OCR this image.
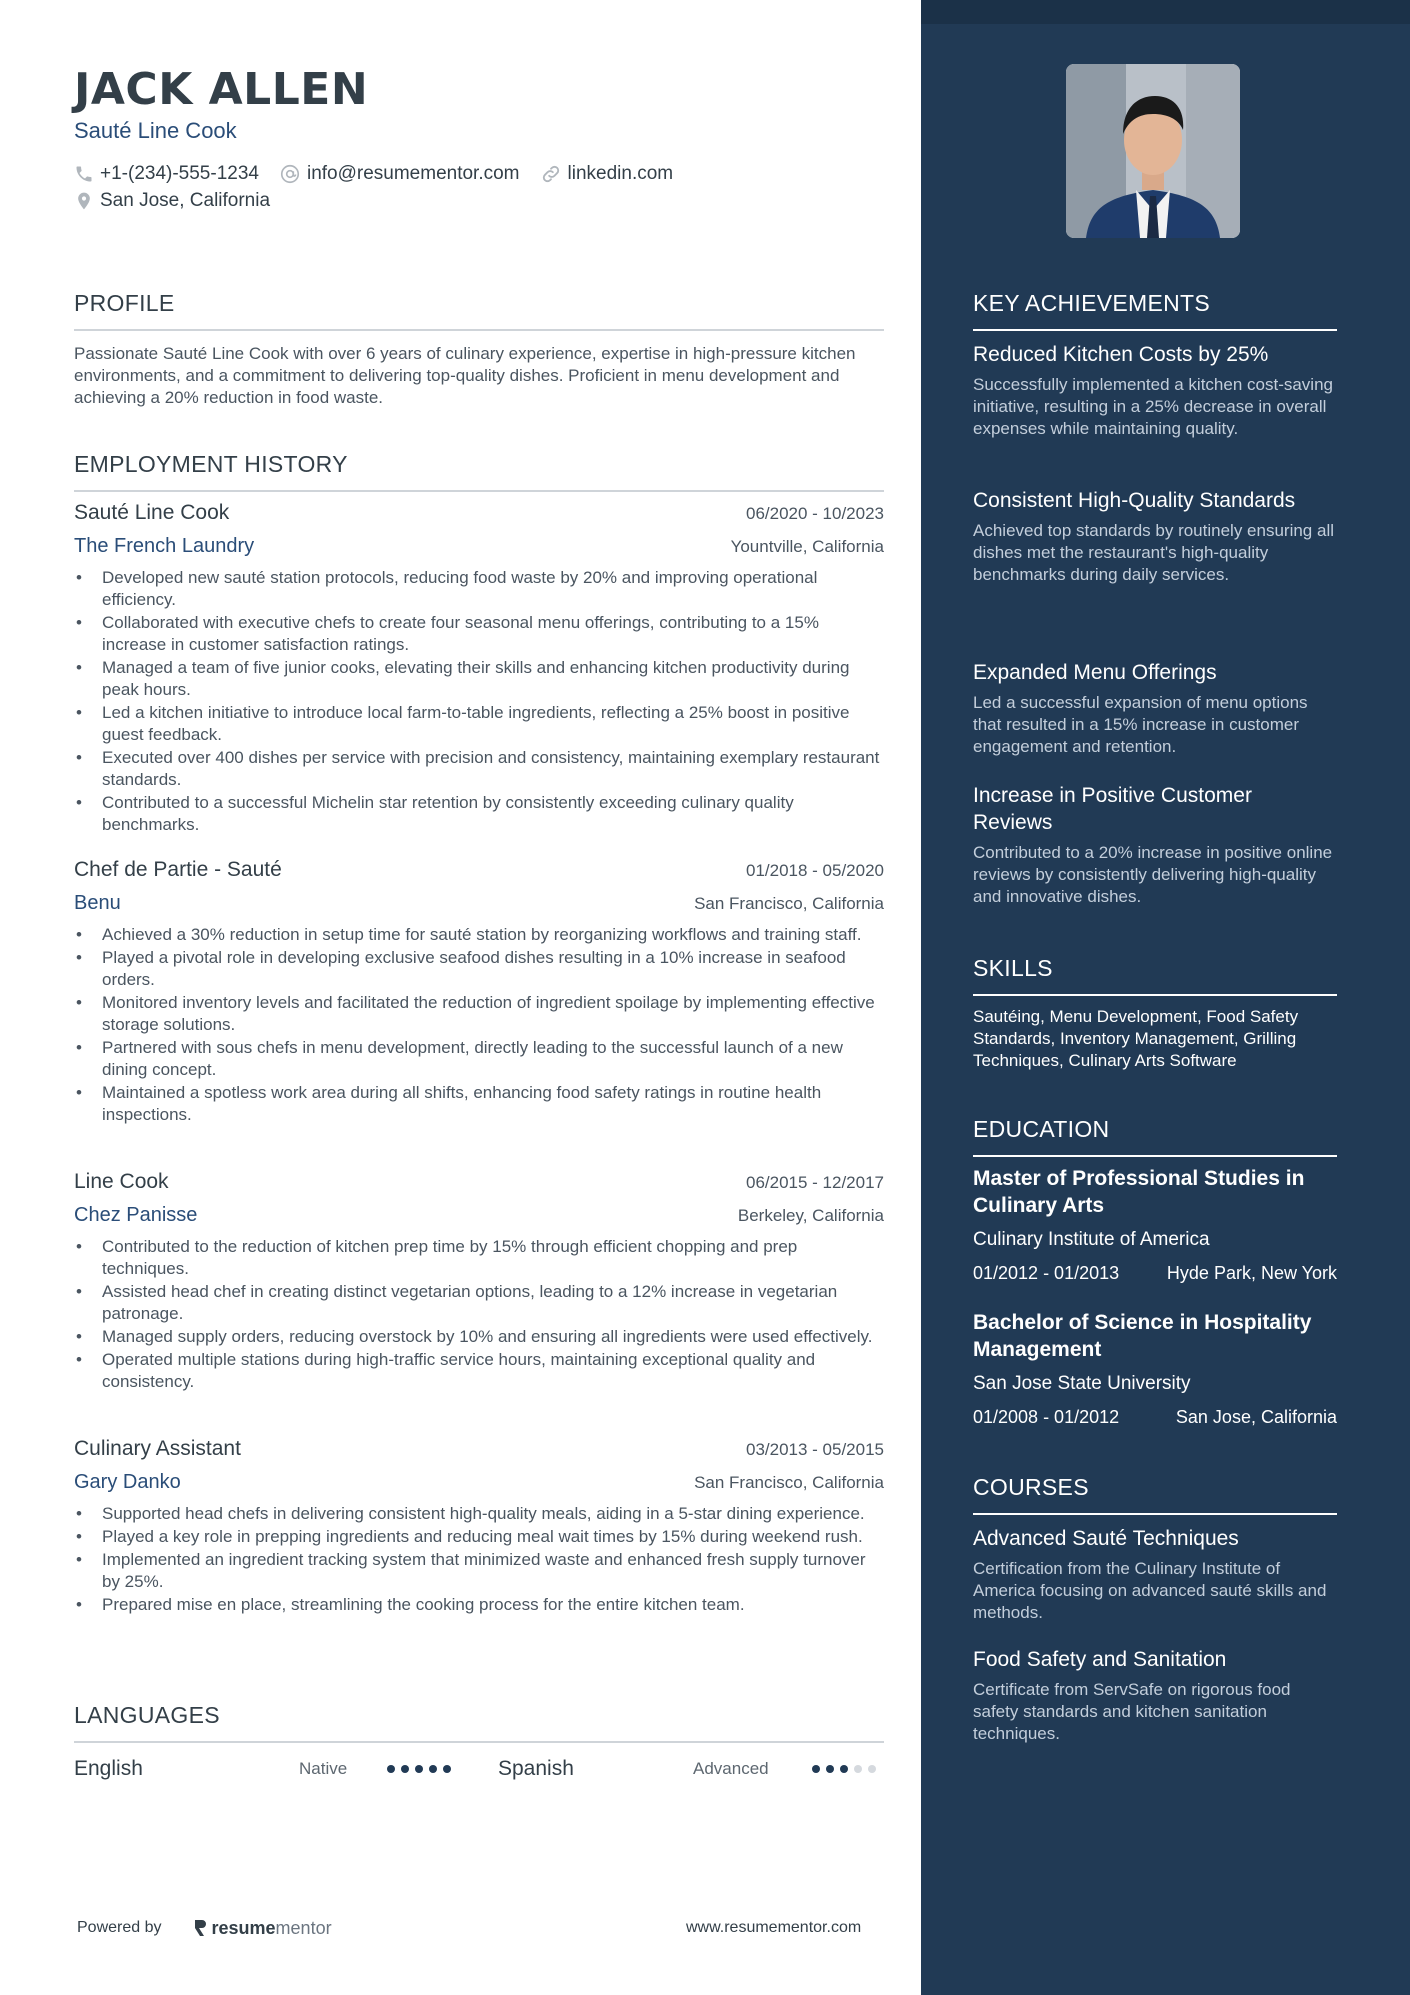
JACK ALLEN
Sauté Line Cook
+1-(234)-555-1234	info@resumementor.com	linkedin.com
San Jose, California
PROFILE
Passionate Sauté Line Cook with over 6 years of culinary experience, expertise in high-pressure kitchen environments, and a commitment to delivering top-quality dishes. Proficient in menu development and achieving a 20% reduction in food waste.
EMPLOYMENT HISTORY
Sauté Line Cook	06/2020 - 10/2023
The French Laundry	Yountville, California
• Developed new sauté station protocols, reducing food waste by 20% and improving operational efficiency.
• Collaborated with executive chefs to create four seasonal menu offerings, contributing to a 15% increase in customer satisfaction ratings.
• Managed a team of five junior cooks, elevating their skills and enhancing kitchen productivity during peak hours.
• Led a kitchen initiative to introduce local farm-to-table ingredients, reflecting a 25% boost in positive guest feedback.
• Executed over 400 dishes per service with precision and consistency, maintaining exemplary restaurant standards.
• Contributed to a successful Michelin star retention by consistently exceeding culinary quality benchmarks.
Chef de Partie - Sauté	01/2018 - 05/2020
Benu	San Francisco, California
• Achieved a 30% reduction in setup time for sauté station by reorganizing workflows and training staff.
• Played a pivotal role in developing exclusive seafood dishes resulting in a 10% increase in seafood orders.
• Monitored inventory levels and facilitated the reduction of ingredient spoilage by implementing effective storage solutions.
• Partnered with sous chefs in menu development, directly leading to the successful launch of a new dining concept.
• Maintained a spotless work area during all shifts, enhancing food safety ratings in routine health inspections.
Line Cook	06/2015 - 12/2017
Chez Panisse	Berkeley, California
• Contributed to the reduction of kitchen prep time by 15% through efficient chopping and prep techniques.
• Assisted head chef in creating distinct vegetarian options, leading to a 12% increase in vegetarian patronage.
• Managed supply orders, reducing overstock by 10% and ensuring all ingredients were used effectively.
• Operated multiple stations during high-traffic service hours, maintaining exceptional quality and consistency.
Culinary Assistant	03/2013 - 05/2015
Gary Danko	San Francisco, California
• Supported head chefs in delivering consistent high-quality meals, aiding in a 5-star dining experience.
• Played a key role in prepping ingredients and reducing meal wait times by 15% during weekend rush.
• Implemented an ingredient tracking system that minimized waste and enhanced fresh supply turnover by 25%.
• Prepared mise en place, streamlining the cooking process for the entire kitchen team.
LANGUAGES
English	Native	Spanish	Advanced
Powered by	resume mentor	www.resumementor.com
KEY ACHIEVEMENTS
Reduced Kitchen Costs by 25%
Successfully implemented a kitchen cost-saving initiative, resulting in a 25% decrease in overall expenses while maintaining quality.
Consistent High-Quality Standards
Achieved top standards by routinely ensuring all dishes met the restaurant's high-quality benchmarks during daily services.
Expanded Menu Offerings
Led a successful expansion of menu options that resulted in a 15% increase in customer engagement and retention.
Increase in Positive Customer Reviews
Contributed to a 20% increase in positive online reviews by consistently delivering high-quality and innovative dishes.
SKILLS
Sautéing, Menu Development, Food Safety Standards, Inventory Management, Grilling Techniques, Culinary Arts Software
EDUCATION
Master of Professional Studies in Culinary Arts
Culinary Institute of America
01/2012 - 01/2013	Hyde Park, New York
Bachelor of Science in Hospitality Management
San Jose State University
01/2008 - 01/2012	San Jose, California
COURSES
Advanced Sauté Techniques
Certification from the Culinary Institute of America focusing on advanced sauté skills and methods.
Food Safety and Sanitation
Certificate from ServSafe on rigorous food safety standards and kitchen sanitation techniques.
